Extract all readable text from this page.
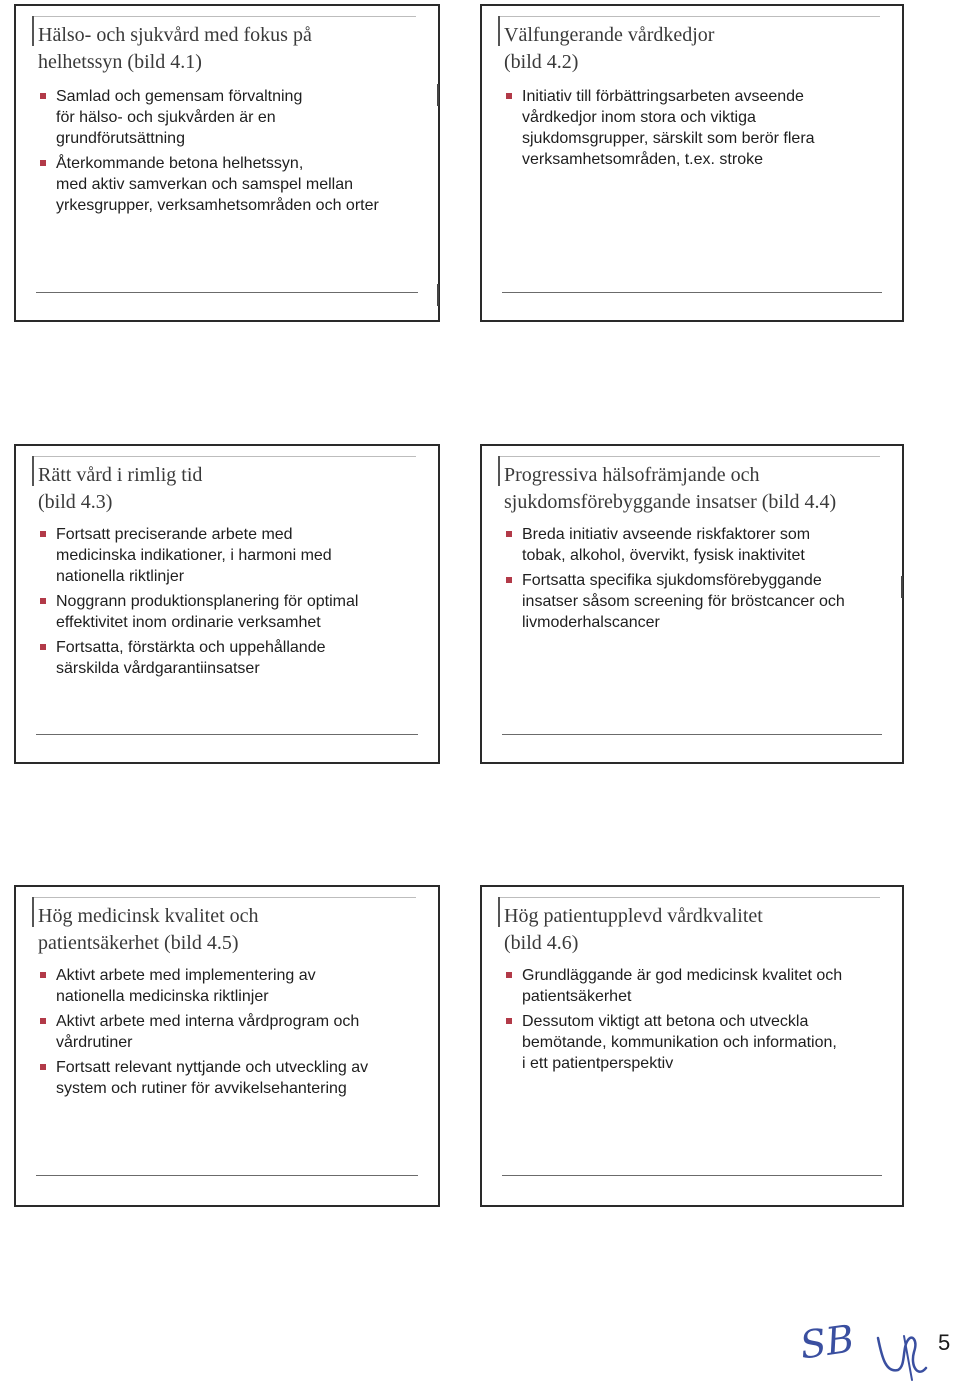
Hälso- och sjukvård med fokus på
helhetssyn (bild 4.1)
Samlad och gemensam förvaltning
för hälso- och sjukvården är en
grundförutsättning
Återkommande betona helhetssyn,
med aktiv samverkan och samspel mellan
yrkesgrupper, verksamhetsområden och orter
Välfungerande vårdkedjor
(bild 4.2)
Initiativ till förbättringsarbeten avseende
vårdkedjor inom stora och viktiga
sjukdomsgrupper, särskilt som berör flera
verksamhetsområden, t.ex. stroke
Rätt vård i rimlig tid
(bild 4.3)
Fortsatt preciserande arbete med
medicinska indikationer, i harmoni med
nationella riktlinjer
Noggrann produktionsplanering för optimal
effektivitet inom ordinarie verksamhet
Fortsatta, förstärkta och uppehållande
särskilda vårdgarantiinsatser
Progressiva hälsofrämjande och
sjukdomsförebyggande insatser (bild 4.4)
Breda initiativ avseende riskfaktorer som
tobak, alkohol, övervikt, fysisk inaktivitet
Fortsatta specifika sjukdomsförebyggande
insatser såsom screening för bröstcancer och
livmoderhalscancer
Hög medicinsk kvalitet och
patientsäkerhet (bild 4.5)
Aktivt arbete med implementering av
nationella medicinska riktlinjer
Aktivt arbete med interna vårdprogram och
vårdrutiner
Fortsatt relevant nyttjande och utveckling av
system och rutiner för avvikelsehantering
Hög patientupplevd vårdkvalitet
(bild 4.6)
Grundläggande är god medicinsk kvalitet och
patientsäkerhet
Dessutom viktigt att betona och utveckla
bemötande, kommunikation och information,
i ett patientperspektiv
SB	5
